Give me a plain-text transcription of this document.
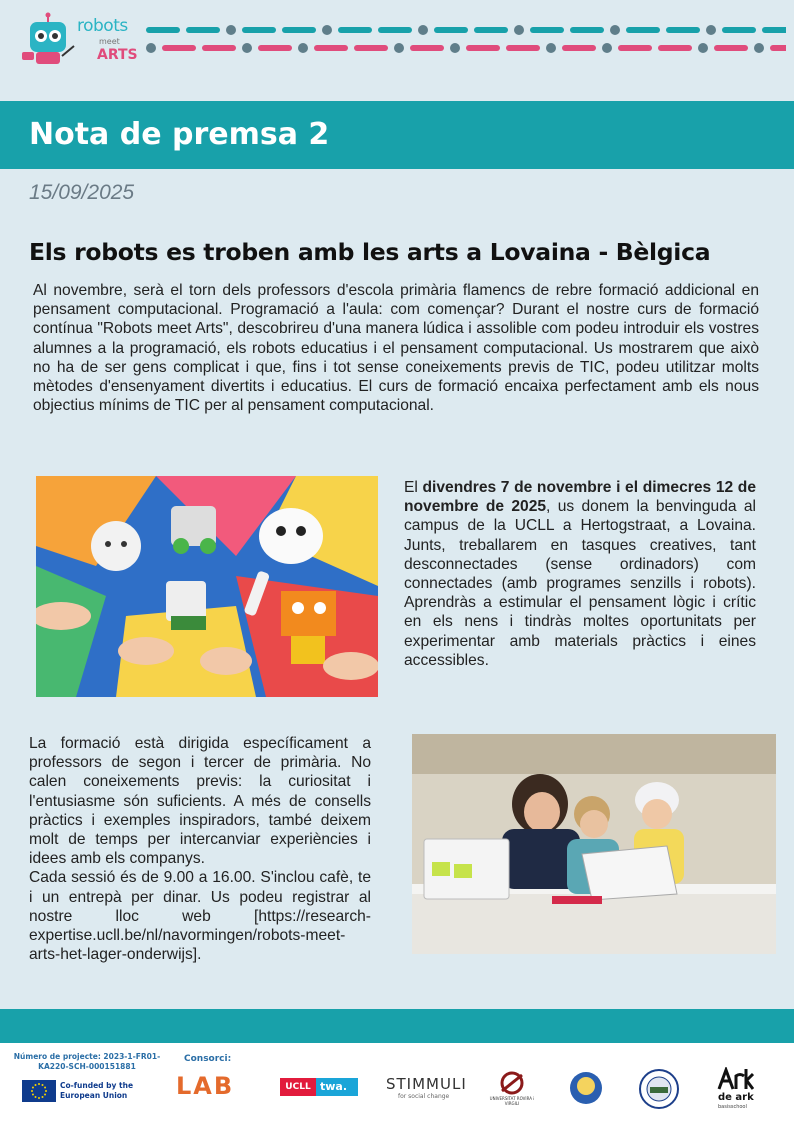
robots
meet
ARTS
Nota de premsa 2
15/09/2025
Els robots es troben amb les arts a Lovaina - Bèlgica
Al novembre, serà el torn dels professors d'escola primària flamencs de rebre formació addicional en pensament computacional. Programació a l'aula: com començar? Durant el nostre curs de formació contínua "Robots meet Arts", descobrireu d'una manera lúdica i assolible com podeu introduir els vostres alumnes a la programació, els robots educatius i el pensament computacional. Us mostrarem que això no ha de ser gens complicat i que, fins i tot sense coneixements previs de TIC, podeu utilitzar molts mètodes d'ensenyament divertits i educatius. El curs de formació encaixa perfectament amb els nous objectius mínims de TIC per al pensament computacional.
El divendres 7 de novembre i el dimecres 12 de novembre de 2025, us donem la benvinguda al campus de la UCLL a Hertogstraat, a Lovaina. Junts, treballarem en tasques creatives, tant desconnectades (sense ordinadors) com connectades (amb programes senzills i robots). Aprendràs a estimular el pensament lògic i crític en els nens i tindràs moltes oportunitats per experimentar amb materials pràctics i eines accessibles.
La formació està dirigida específicament a professors de segon i tercer de primària. No calen coneixements previs: la curiositat i l'entusiasme són suficients. A més de consells pràctics i exemples inspiradors, també deixem molt de temps per intercanviar experiències i idees amb els companys.
Cada sessió és de 9.00 a 16.00. S'inclou cafè, te i un entrepà per dinar. Us podeu registrar al nostre lloc web [https://research-expertise.ucll.be/nl/navormingen/robots-meet-arts-het-lager-onderwijs].
Número de projecte: 2023-1-FR01-KA220-SCH-000151881
Co-funded by the European Union
Consorci:
LAB	UCLL twa.	STIMMULI
for social change	UNIVERSITAT ROVIRA i VIRGILI
de ark
basisschool
